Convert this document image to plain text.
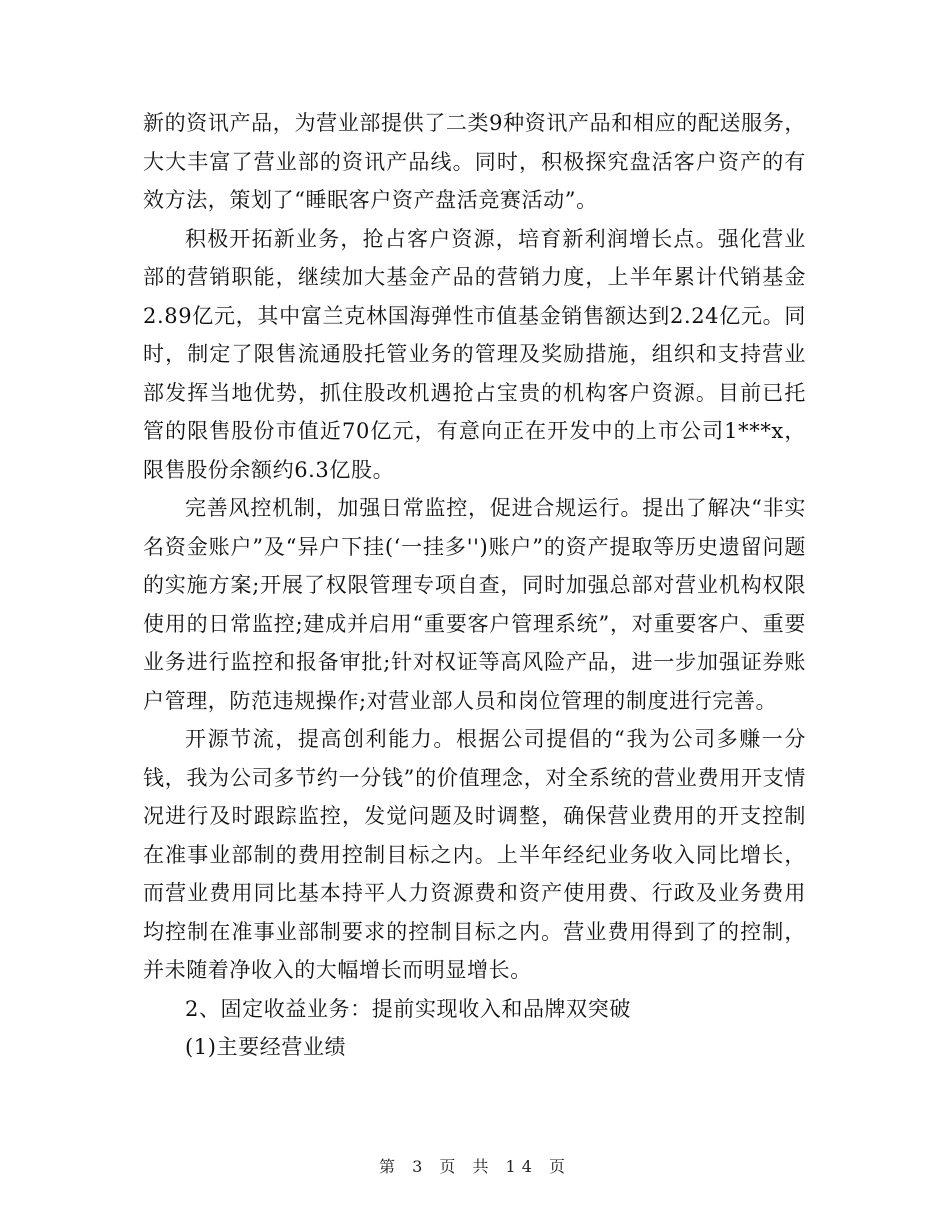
新的资讯产品，为营业部提供了二类9种资讯产品和相应的配送服务，大大丰富了营业部的资讯产品线。同时，积极探究盘活客户资产的有效方法，策划了“睡眠客户资产盘活竞赛活动”。

积极开拓新业务，抢占客户资源，培育新利润增长点。强化营业部的营销职能，继续加大基金产品的营销力度，上半年累计代销基金2.89亿元，其中富兰克林国海弹性市值基金销售额达到2.24亿元。同时，制定了限售流通股托管业务的管理及奖励措施，组织和支持营业部发挥当地优势，抓住股改机遇抢占宝贵的机构客户资源。目前已托管的限售股份市值近70亿元，有意向正在开发中的上市公司1***x，限售股份余额约6.3亿股。

完善风控机制，加强日常监控，促进合规运行。提出了解决“非实名资金账户”及“异户下挂(‘一挂多'')账户”的资产提取等历史遗留问题的实施方案;开展了权限管理专项自查，同时加强总部对营业机构权限使用的日常监控;建成并启用“重要客户管理系统”，对重要客户、重要业务进行监控和报备审批;针对权证等高风险产品，进一步加强证券账户管理，防范违规操作;对营业部人员和岗位管理的制度进行完善。

开源节流，提高创利能力。根据公司提倡的“我为公司多赚一分钱，我为公司多节约一分钱”的价值理念，对全系统的营业费用开支情况进行及时跟踪监控，发觉问题及时调整，确保营业费用的开支控制在准事业部制的费用控制目标之内。上半年经纪业务收入同比增长，而营业费用同比基本持平人力资源费和资产使用费、行政及业务费用均控制在准事业部制要求的控制目标之内。营业费用得到了的控制，并未随着净收入的大幅增长而明显增长。

2、固定收益业务：提前实现收入和品牌双突破

(1)主要经营业绩

第 3 页 共 14 页
